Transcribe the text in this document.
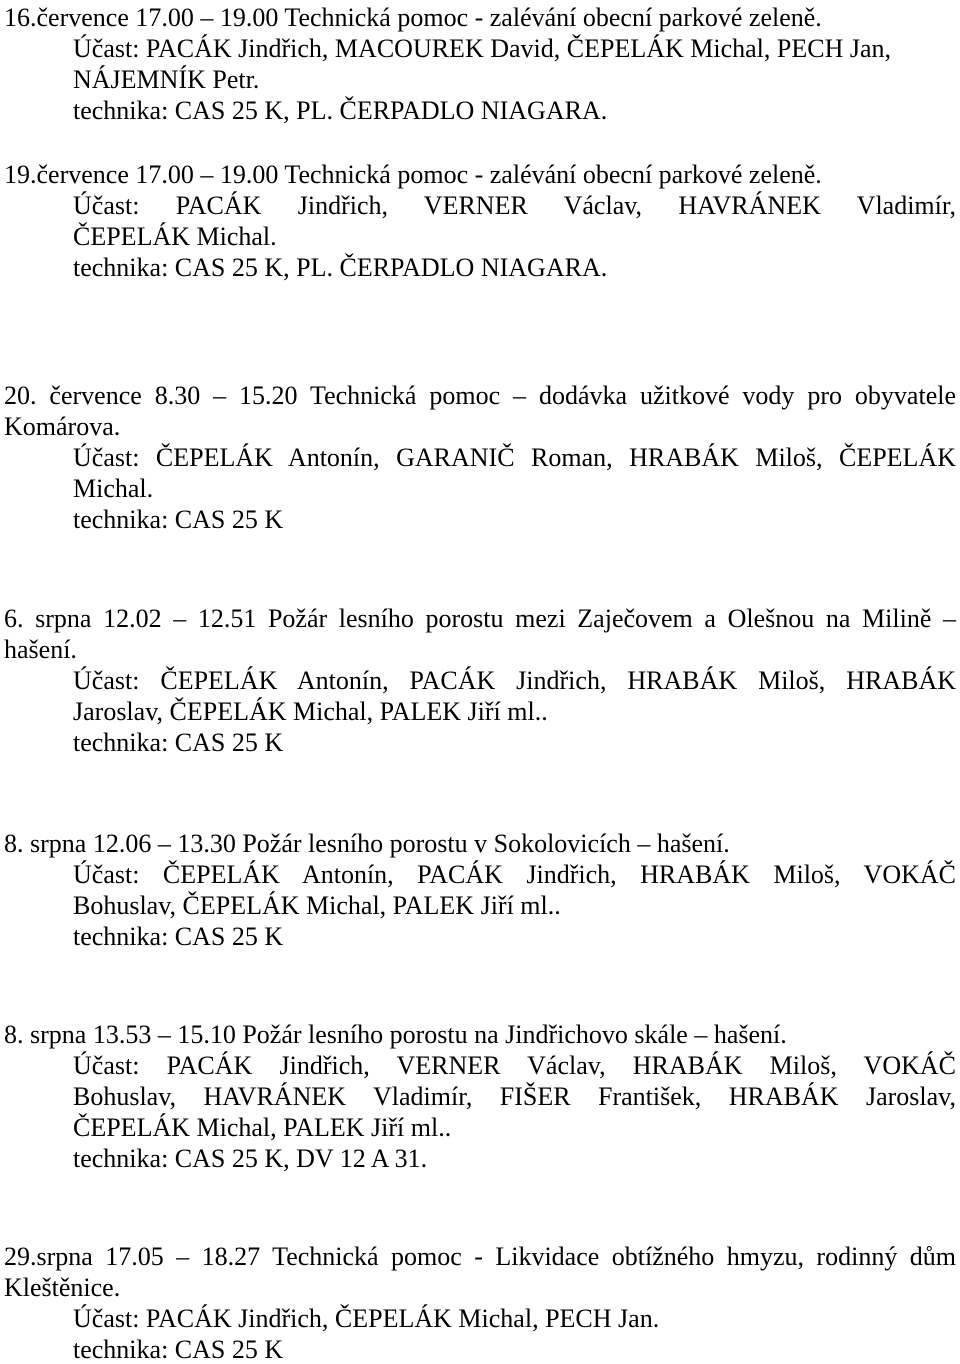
16.července 17.00 – 19.00 Technická pomoc - zalévání obecní parkové zeleně.
Účast: PACÁK Jindřich, MACOUREK David, ČEPELÁK Michal, PECH Jan,
NÁJEMNÍK Petr.
technika: CAS 25 K, PL. ČERPADLO NIAGARA.
19.července 17.00 – 19.00 Technická pomoc - zalévání obecní parkové zeleně.
Účast: PACÁK Jindřich, VERNER Václav, HAVRÁNEK Vladimír,
ČEPELÁK Michal.
technika: CAS 25 K, PL. ČERPADLO NIAGARA.
20. července 8.30 – 15.20 Technická pomoc – dodávka užitkové vody pro obyvatele
Komárova.
Účast: ČEPELÁK Antonín, GARANIČ Roman, HRABÁK Miloš, ČEPELÁK
Michal.
technika: CAS 25 K
6. srpna 12.02 – 12.51 Požár lesního porostu mezi Zaječovem a Olešnou na Milině –
hašení.
Účast: ČEPELÁK Antonín, PACÁK Jindřich, HRABÁK Miloš, HRABÁK
Jaroslav, ČEPELÁK Michal, PALEK Jiří ml..
technika: CAS 25 K
8. srpna 12.06 – 13.30 Požár lesního porostu v Sokolovicích – hašení.
Účast: ČEPELÁK Antonín, PACÁK Jindřich, HRABÁK Miloš, VOKÁČ
Bohuslav, ČEPELÁK Michal, PALEK Jiří ml..
technika: CAS 25 K
8. srpna 13.53 – 15.10 Požár lesního porostu na Jindřichovo skále – hašení.
Účast: PACÁK Jindřich, VERNER Václav, HRABÁK Miloš, VOKÁČ
Bohuslav, HAVRÁNEK Vladimír, FIŠER František, HRABÁK Jaroslav,
ČEPELÁK Michal, PALEK Jiří ml..
technika: CAS 25 K, DV 12 A 31.
29.srpna 17.05 – 18.27 Technická pomoc - Likvidace obtížného hmyzu, rodinný dům
Kleštěnice.
Účast: PACÁK Jindřich, ČEPELÁK Michal, PECH Jan.
technika: CAS 25 K
